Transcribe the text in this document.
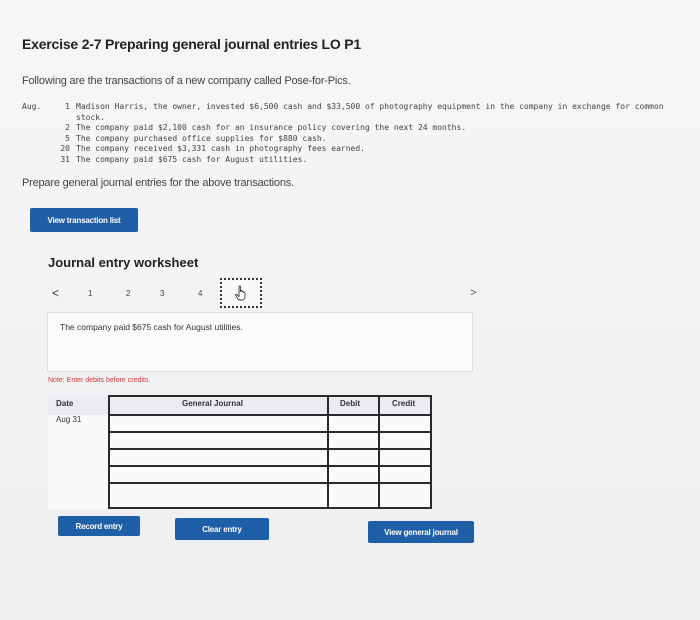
Exercise 2-7 Preparing general journal entries LO P1
Following are the transactions of a new company called Pose-for-Pics.
Aug.	1 Madison Harris, the owner, invested $6,500 cash and $33,500 of photography equipment in the company in exchange for common
stock.
2 The company paid $2,100 cash for an insurance policy covering the next 24 months.
5 The company purchased office supplies for $880 cash.
20 The company received $3,331 cash in photography fees earned.
31 The company paid $675 cash for August utilities.
Prepare general journal entries for the above transactions.
View transaction list
Journal entry worksheet
<	1	2	3	4	>
The company paid $675 cash for August utilities.
Note: Enter debits before credits.
Date	General Journal	Debit	Credit
Aug 31
Record entry	Clear entry	View general journal
